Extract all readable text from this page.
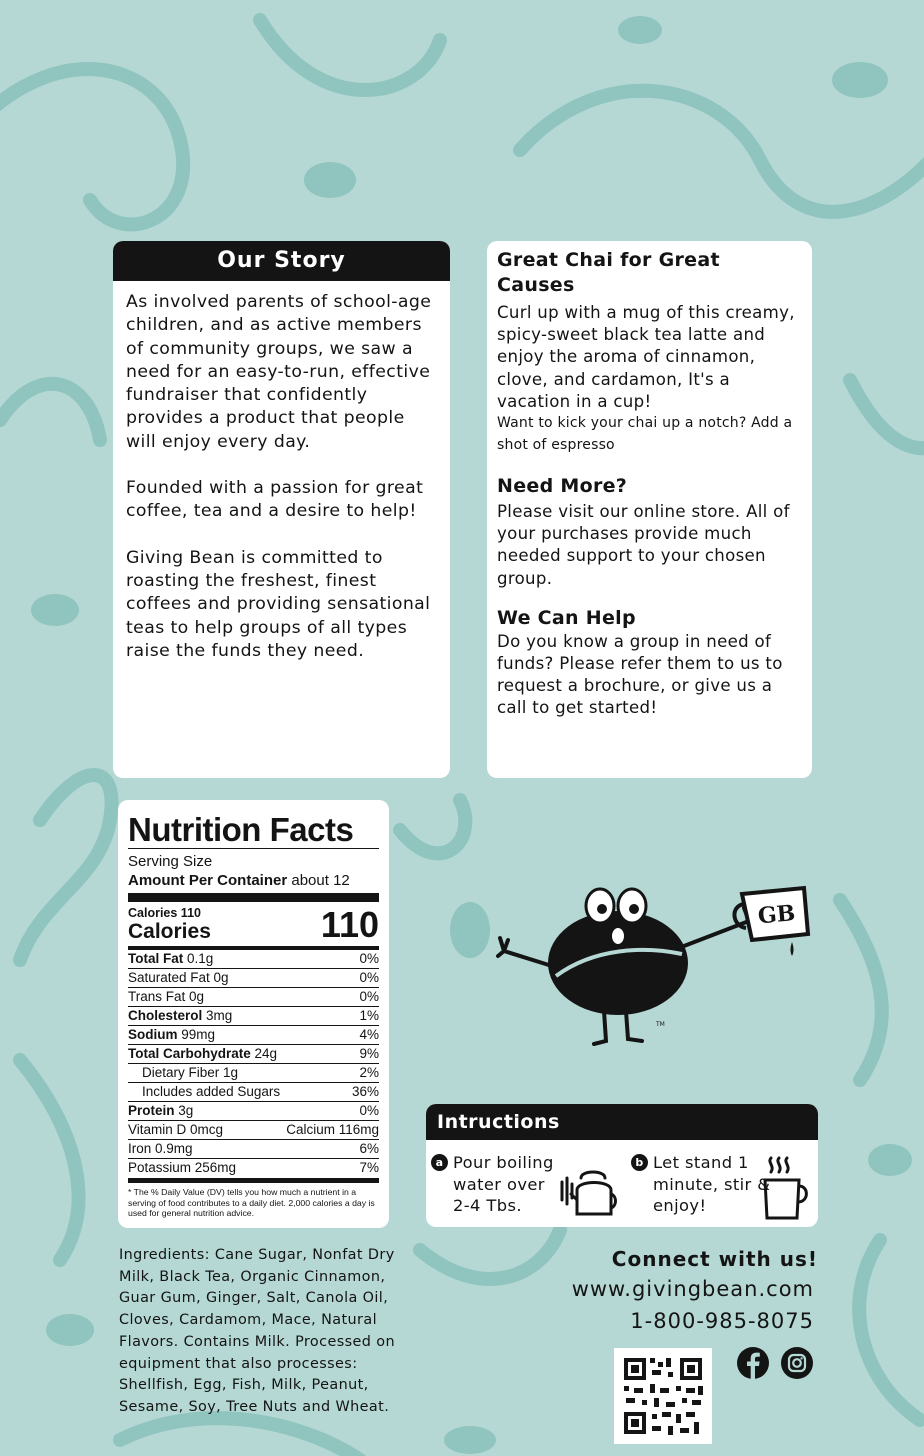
Our Story

As involved parents of school-age children, and as active members of community groups, we saw a need for an easy-to-run, effective fundraiser that confidently provides a product that people will enjoy every day.

Founded with a passion for great coffee, tea and a desire to help!

Giving Bean is committed to roasting the freshest, finest coffees and providing sensational teas to help groups of all types raise the funds they need.

Great Chai for Great Causes

Curl up with a mug of this creamy, spicy-sweet black tea latte and enjoy the aroma of cinnamon, clove, and cardamon, It's a vacation in a cup!

Want to kick your chai up a notch? Add a shot of espresso

Need More?

Please visit our online store. All of your purchases provide much needed support to your chosen group.

We Can Help

Do you know a group in need of funds? Please refer them to us to request a brochure, or give us a call to get started!

Nutrition Facts
Serving Size
Amount Per Container about 12
Calories 110
Calories	110
Total Fat 0.1g	0%
Saturated Fat 0g	0%
Trans Fat 0g	0%
Cholesterol 3mg	1%
Sodium 99mg	4%
Total Carbohydrate 24g	9%
Dietary Fiber 1g	2%
Includes added Sugars	36%
Protein 3g	0%
Vitamin D 0mcg	Calcium 116mg
Iron 0.9mg	6%
Potassium 256mg	7%
* The % Daily Value (DV) tells you how much a nutrient in a serving of food contributes to a daily diet. 2,000 calories a day is used for general nutrition advice.
TM
GB
Intructions
a Pour boiling water over 2-4 Tbs.
b Let stand 1 minute, stir & enjoy!
Ingredients: Cane Sugar, Nonfat Dry Milk, Black Tea, Organic Cinnamon, Guar Gum, Ginger, Salt, Canola Oil, Cloves, Cardamom, Mace, Natural Flavors. Contains Milk. Processed on equipment that also processes: Shellfish, Egg, Fish, Milk, Peanut, Sesame, Soy, Tree Nuts and Wheat.
Connect with us!
www.givingbean.com
1-800-985-8075
